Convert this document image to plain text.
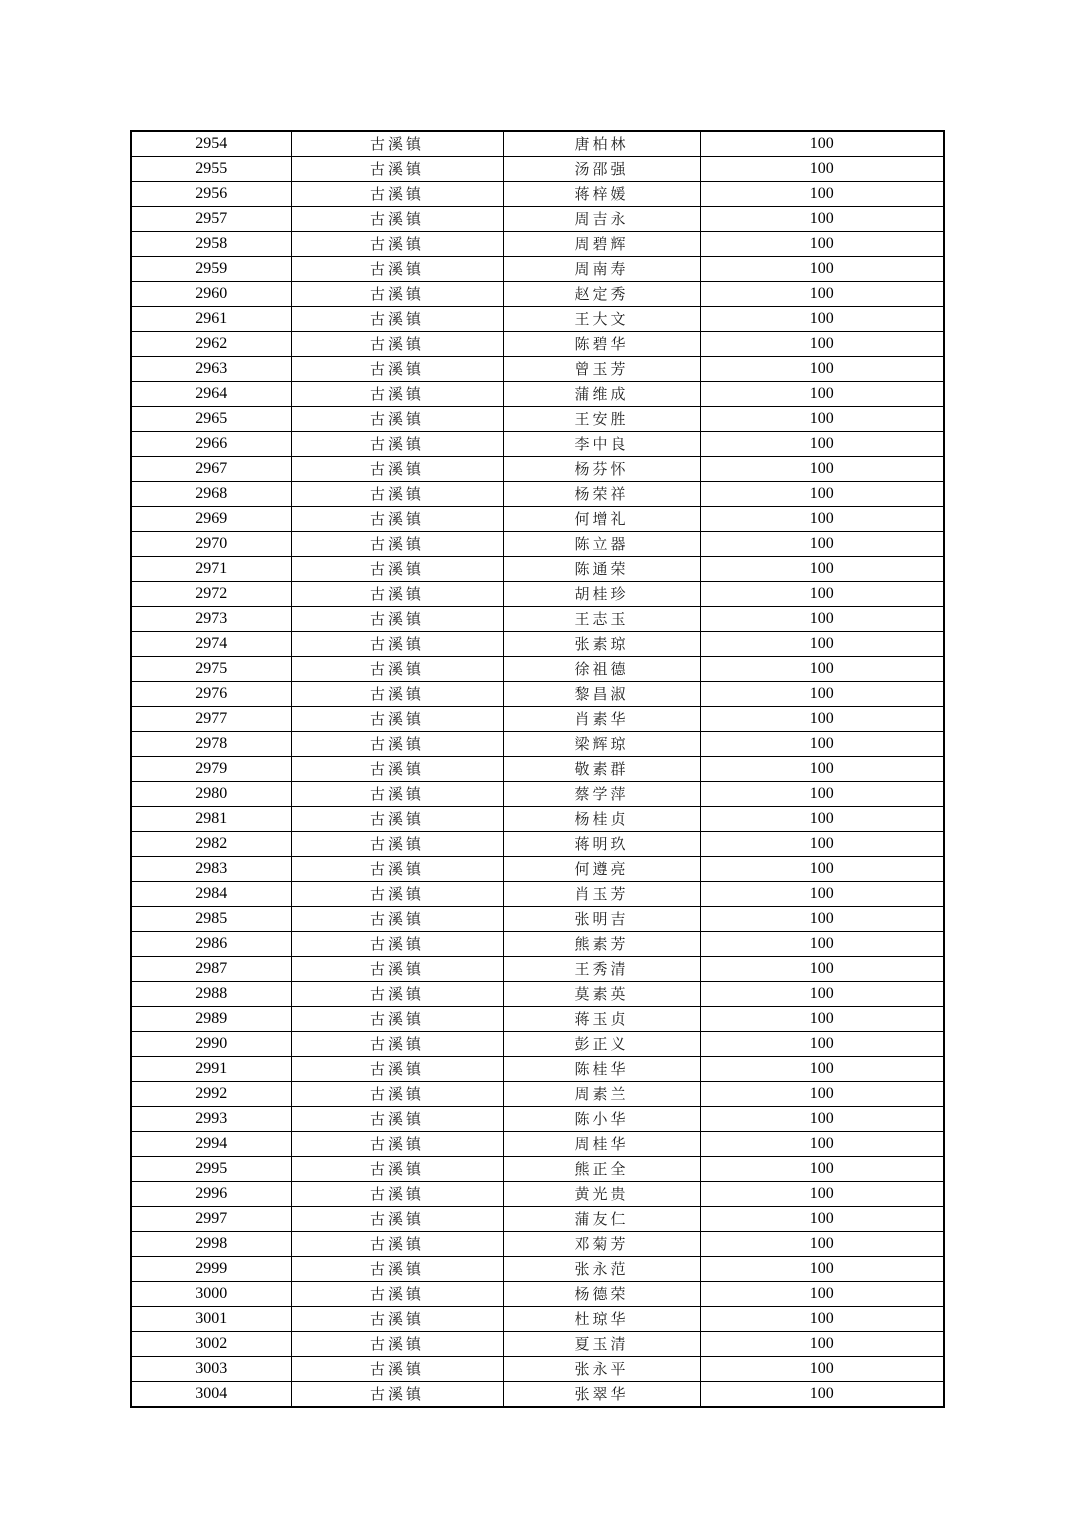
2954	古溪镇	唐柏林	100
2955	古溪镇	汤邵强	100
2956	古溪镇	蒋梓媛	100
2957	古溪镇	周吉永	100
2958	古溪镇	周碧辉	100
2959	古溪镇	周南寿	100
2960	古溪镇	赵定秀	100
2961	古溪镇	王大文	100
2962	古溪镇	陈碧华	100
2963	古溪镇	曾玉芳	100
2964	古溪镇	蒲维成	100
2965	古溪镇	王安胜	100
2966	古溪镇	李中良	100
2967	古溪镇	杨芬怀	100
2968	古溪镇	杨荣祥	100
2969	古溪镇	何增礼	100
2970	古溪镇	陈立器	100
2971	古溪镇	陈通荣	100
2972	古溪镇	胡桂珍	100
2973	古溪镇	王志玉	100
2974	古溪镇	张素琼	100
2975	古溪镇	徐祖德	100
2976	古溪镇	黎昌淑	100
2977	古溪镇	肖素华	100
2978	古溪镇	梁辉琼	100
2979	古溪镇	敬素群	100
2980	古溪镇	蔡学萍	100
2981	古溪镇	杨桂贞	100
2982	古溪镇	蒋明玖	100
2983	古溪镇	何遵亮	100
2984	古溪镇	肖玉芳	100
2985	古溪镇	张明吉	100
2986	古溪镇	熊素芳	100
2987	古溪镇	王秀清	100
2988	古溪镇	莫素英	100
2989	古溪镇	蒋玉贞	100
2990	古溪镇	彭正义	100
2991	古溪镇	陈桂华	100
2992	古溪镇	周素兰	100
2993	古溪镇	陈小华	100
2994	古溪镇	周桂华	100
2995	古溪镇	熊正全	100
2996	古溪镇	黄光贵	100
2997	古溪镇	蒲友仁	100
2998	古溪镇	邓菊芳	100
2999	古溪镇	张永范	100
3000	古溪镇	杨德荣	100
3001	古溪镇	杜琼华	100
3002	古溪镇	夏玉清	100
3003	古溪镇	张永平	100
3004	古溪镇	张翠华	100
